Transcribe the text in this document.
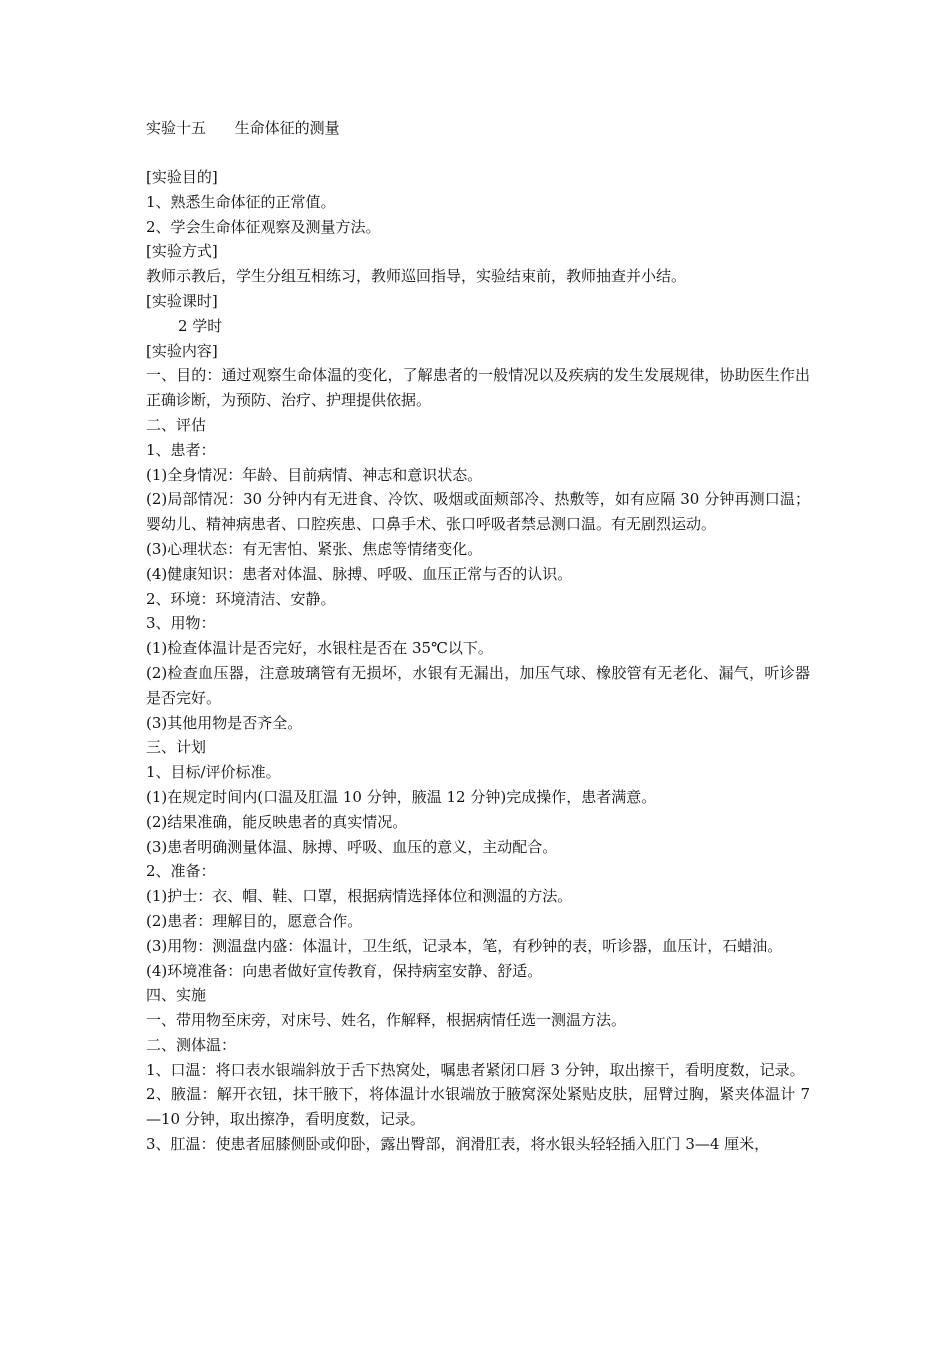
实验十五      生命体征的测量
[实验目的]
1、熟悉生命体征的正常值。
2、学会生命体征观察及测量方法。
[实验方式]
教师示教后，学生分组互相练习，教师巡回指导，实验结束前，教师抽查并小结。
[实验课时]
2 学时
[实验内容]
一、目的：通过观察生命体温的变化，了解患者的一般情况以及疾病的发生发展规律，协助医生作出正确诊断，为预防、治疗、护理提供依据。
二、评估
1、患者：
(1)全身情况：年龄、目前病情、神志和意识状态。
(2)局部情况：30 分钟内有无进食、冷饮、吸烟或面颊部冷、热敷等，如有应隔 30 分钟再测口温；婴幼儿、精神病患者、口腔疾患、口鼻手术、张口呼吸者禁忌测口温。有无剧烈运动。
(3)心理状态：有无害怕、紧张、焦虑等情绪变化。
(4)健康知识：患者对体温、脉搏、呼吸、血压正常与否的认识。
2、环境：环境清洁、安静。
3、用物：
(1)检查体温计是否完好，水银柱是否在 35℃以下。
(2)检查血压器，注意玻璃管有无损坏，水银有无漏出，加压气球、橡胶管有无老化、漏气，听诊器是否完好。
(3)其他用物是否齐全。
三、计划
1、目标/评价标准。
(1)在规定时间内(口温及肛温 10 分钟，腋温 12 分钟)完成操作，患者满意。
(2)结果准确，能反映患者的真实情况。
(3)患者明确测量体温、脉搏、呼吸、血压的意义，主动配合。
2、准备：
(1)护士：衣、帽、鞋、口罩，根据病情选择体位和测温的方法。
(2)患者：理解目的，愿意合作。
(3)用物：测温盘内盛：体温计，卫生纸，记录本，笔，有秒钟的表，听诊器，血压计，石蜡油。
(4)环境准备：向患者做好宣传教育，保持病室安静、舒适。
四、实施
一、带用物至床旁，对床号、姓名，作解释，根据病情任选一测温方法。
二、测体温：
1、口温：将口表水银端斜放于舌下热窝处，嘱患者紧闭口唇 3 分钟，取出擦干，看明度数，记录。
2、腋温：解开衣钮，抹干腋下，将体温计水银端放于腋窝深处紧贴皮肤，屈臂过胸，紧夹体温计 7—10 分钟，取出擦净，看明度数，记录。
3、肛温：使患者屈膝侧卧或仰卧，露出臀部，润滑肛表，将水银头轻轻插入肛门 3—4 厘米，
